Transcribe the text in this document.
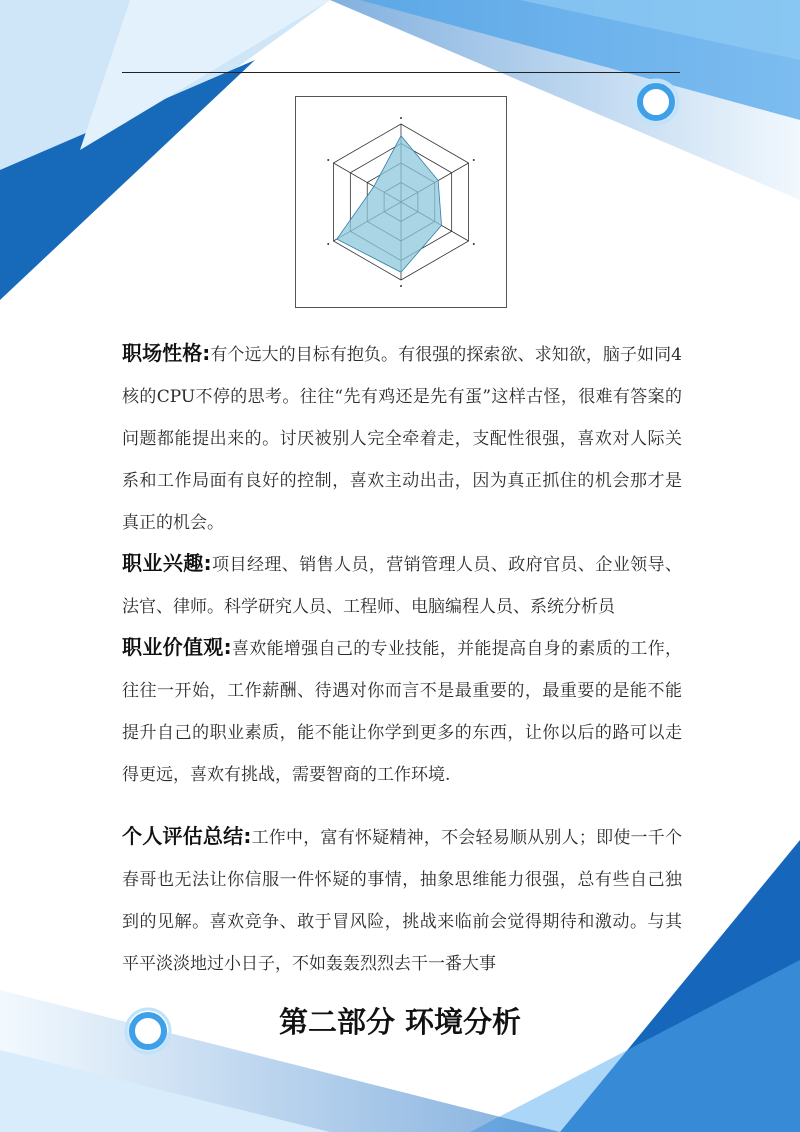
职场性格:有个远大的目标有抱负。有很强的探索欲、求知欲，脑子如同4核的CPU不停的思考。往往“先有鸡还是先有蛋”这样古怪，很难有答案的问题都能提出来的。讨厌被别人完全牵着走，支配性很强，喜欢对人际关系和工作局面有良好的控制，喜欢主动出击，因为真正抓住的机会那才是真正的机会。
职业兴趣:项目经理、销售人员，营销管理人员、政府官员、企业领导、法官、律师。科学研究人员、工程师、电脑编程人员、系统分析员
职业价值观:喜欢能增强自己的专业技能，并能提高自身的素质的工作，往往一开始，工作薪酬、待遇对你而言不是最重要的，最重要的是能不能提升自己的职业素质，能不能让你学到更多的东西，让你以后的路可以走得更远，喜欢有挑战，需要智商的工作环境.
个人评估总结:工作中，富有怀疑精神，不会轻易顺从别人；即使一千个春哥也无法让你信服一件怀疑的事情，抽象思维能力很强，总有些自己独到的见解。喜欢竞争、敢于冒风险，挑战来临前会觉得期待和激动。与其平平淡淡地过小日子，不如轰轰烈烈去干一番大事
第二部分 环境分析
